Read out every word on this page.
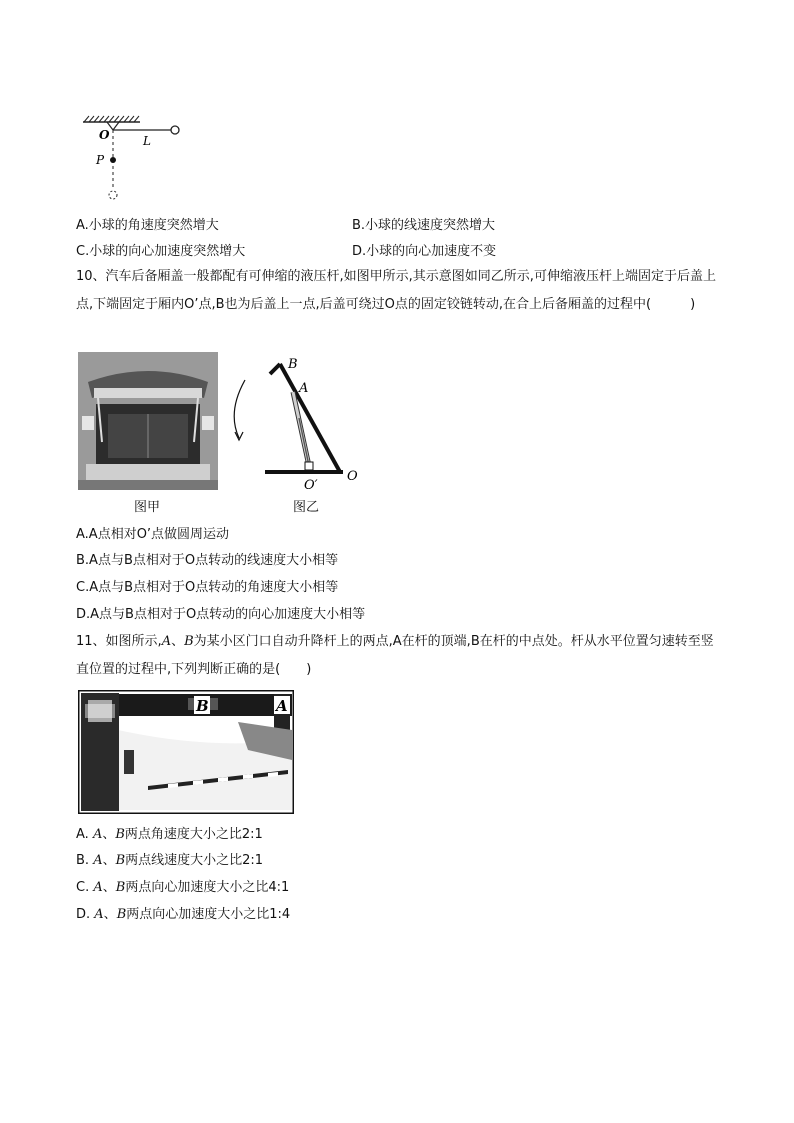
O	L
P
A.小球的角速度突然增大	B.小球的线速度突然增大
C.小球的向心加速度突然增大	D.小球的向心加速度不变
10、汽车后备厢盖一般都配有可伸缩的液压杆,如图甲所示,其示意图如同乙所示,可伸缩液压杆上端固定于后盖上点,下端固定于厢内O’点,B也为后盖上一点,后盖可绕过O点的固定铰链转动,在合上后备厢盖的过程中(　　　)
图甲
B
A
O
O′
图乙
A.A点相对O’点做圆周运动
B.A点与B点相对于O点转动的线速度大小相等
C.A点与B点相对于O点转动的角速度大小相等
D.A点与B点相对于O点转动的向心加速度大小相等
11、如图所示,A、B为某小区门口自动升降杆上的两点,A在杆的顶端,B在杆的中点处。杆从水平位置匀速转至竖直位置的过程中,下列判断正确的是(　　)
B	A
A. A、B两点角速度大小之比2:1
B. A、B两点线速度大小之比2:1
C. A、B两点向心加速度大小之比4:1
D. A、B两点向心加速度大小之比1:4
